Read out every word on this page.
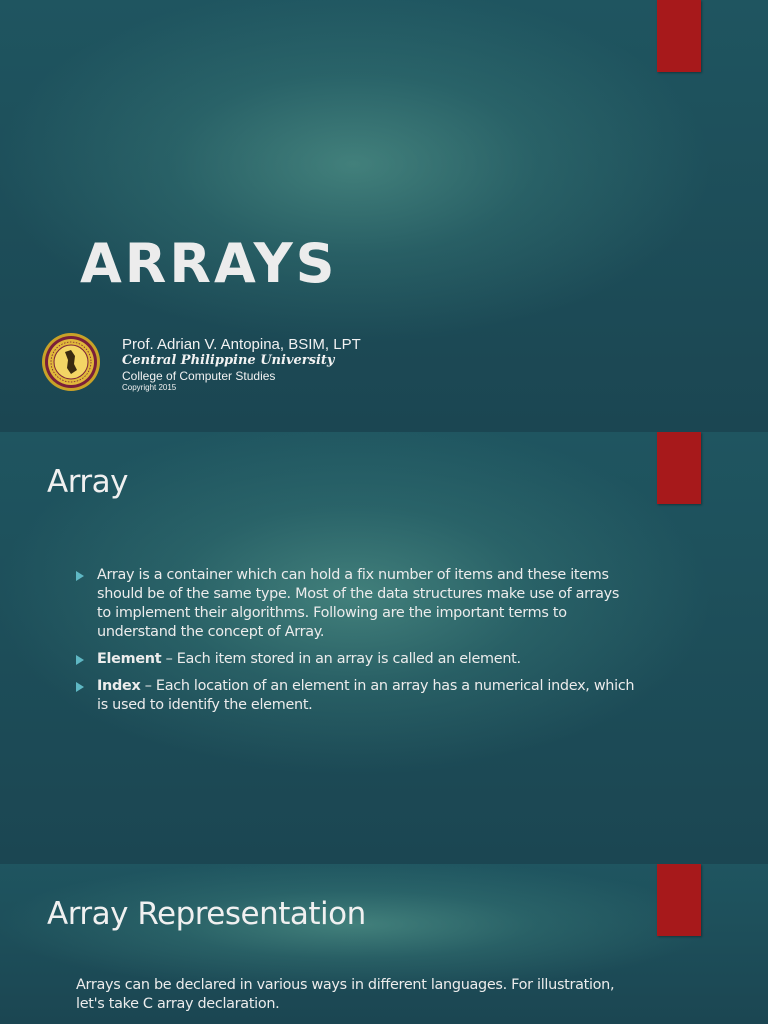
ARRAYS

Prof. Adrian V. Antopina, BSIM, LPT

Central Philippine University

College of Computer Studies

Copyright 2015

Array
Array is a container which can hold a fix number of items and these items should be of the same type. Most of the data structures make use of arrays to implement their algorithms. Following are the important terms to understand the concept of Array.
Element – Each item stored in an array is called an element.
Index – Each location of an element in an array has a numerical index, which is used to identify the element.
Array Representation

Arrays can be declared in various ways in different languages. For illustration, let's take C array declaration.
